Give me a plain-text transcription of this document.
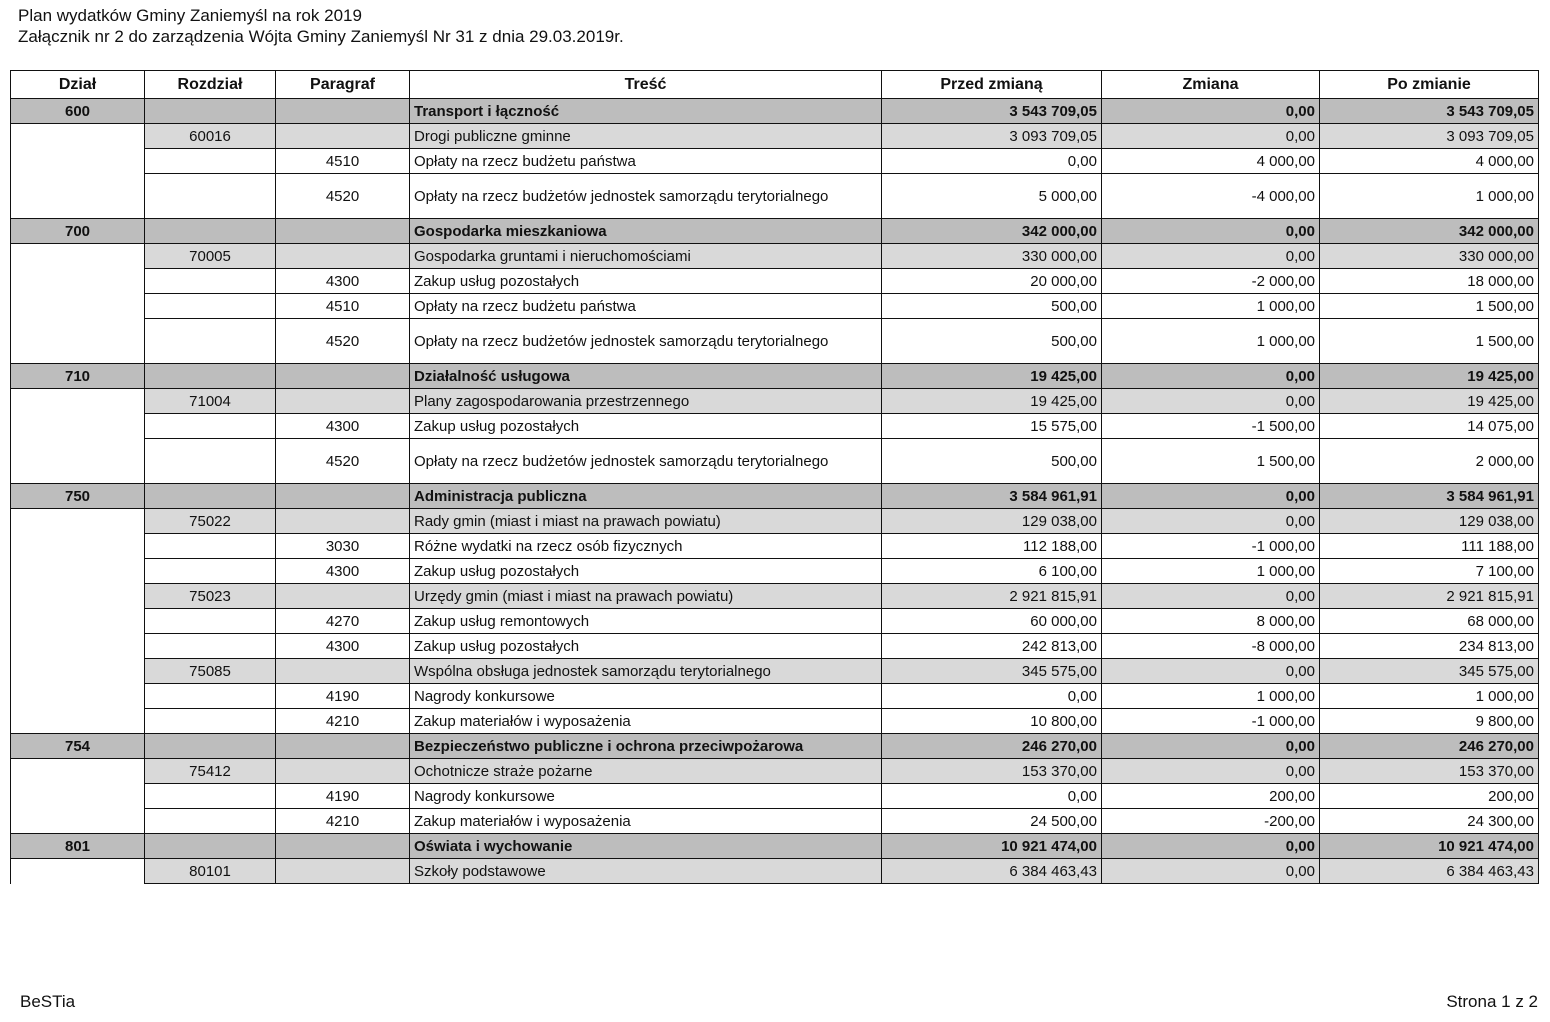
Plan wydatków Gminy Zaniemyśl na rok 2019
Załącznik nr 2 do zarządzenia Wójta Gminy Zaniemyśl Nr 31 z dnia 29.03.2019r.
Dział	Rozdział	Paragraf	Treść	Przed zmianą	Zmiana	Po zmianie
600			Transport i łączność	3 543 709,05	0,00	3 543 709,05
	60016		Drogi publiczne gminne	3 093 709,05	0,00	3 093 709,05
		4510	Opłaty na rzecz budżetu państwa	0,00	4 000,00	4 000,00
		4520	Opłaty na rzecz budżetów jednostek samorządu terytorialnego	5 000,00	-4 000,00	1 000,00
700			Gospodarka mieszkaniowa	342 000,00	0,00	342 000,00
	70005		Gospodarka gruntami i nieruchomościami	330 000,00	0,00	330 000,00
		4300	Zakup usług pozostałych	20 000,00	-2 000,00	18 000,00
		4510	Opłaty na rzecz budżetu państwa	500,00	1 000,00	1 500,00
		4520	Opłaty na rzecz budżetów jednostek samorządu terytorialnego	500,00	1 000,00	1 500,00
710			Działalność usługowa	19 425,00	0,00	19 425,00
	71004		Plany zagospodarowania przestrzennego	19 425,00	0,00	19 425,00
		4300	Zakup usług pozostałych	15 575,00	-1 500,00	14 075,00
		4520	Opłaty na rzecz budżetów jednostek samorządu terytorialnego	500,00	1 500,00	2 000,00
750			Administracja publiczna	3 584 961,91	0,00	3 584 961,91
	75022		Rady gmin (miast i miast na prawach powiatu)	129 038,00	0,00	129 038,00
		3030	Różne wydatki na rzecz osób fizycznych	112 188,00	-1 000,00	111 188,00
		4300	Zakup usług pozostałych	6 100,00	1 000,00	7 100,00
	75023		Urzędy gmin (miast i miast na prawach powiatu)	2 921 815,91	0,00	2 921 815,91
		4270	Zakup usług remontowych	60 000,00	8 000,00	68 000,00
		4300	Zakup usług pozostałych	242 813,00	-8 000,00	234 813,00
	75085		Wspólna obsługa jednostek samorządu terytorialnego	345 575,00	0,00	345 575,00
		4190	Nagrody konkursowe	0,00	1 000,00	1 000,00
		4210	Zakup materiałów i wyposażenia	10 800,00	-1 000,00	9 800,00
754			Bezpieczeństwo publiczne i ochrona przeciwpożarowa	246 270,00	0,00	246 270,00
	75412		Ochotnicze straże pożarne	153 370,00	0,00	153 370,00
		4190	Nagrody konkursowe	0,00	200,00	200,00
		4210	Zakup materiałów i wyposażenia	24 500,00	-200,00	24 300,00
801			Oświata i wychowanie	10 921 474,00	0,00	10 921 474,00
	80101		Szkoły podstawowe	6 384 463,43	0,00	6 384 463,43
BeSTia	Strona 1 z 2
